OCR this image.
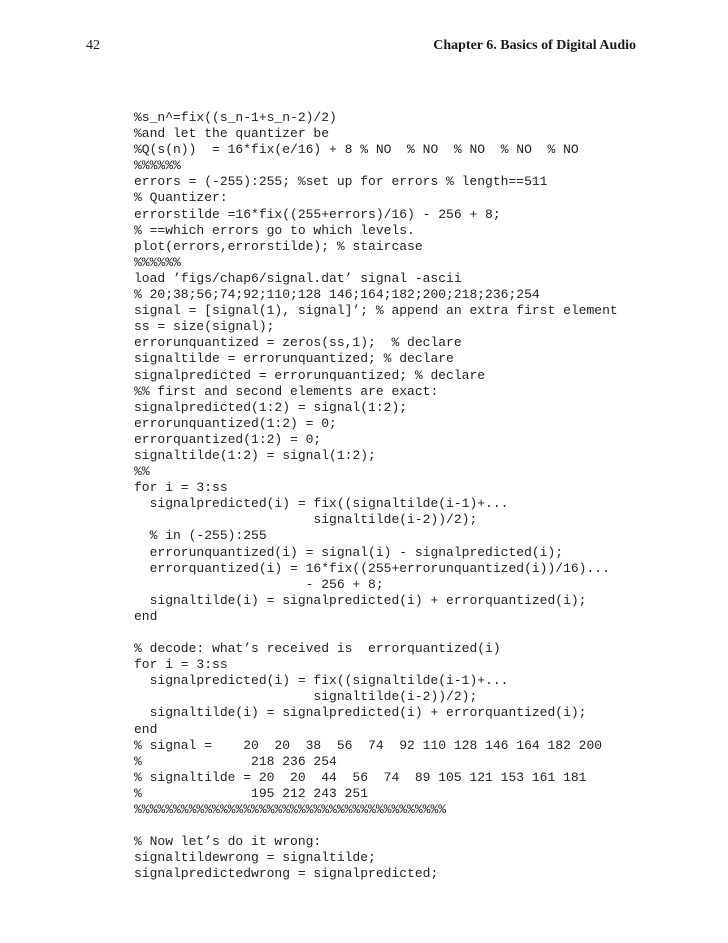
42	Chapter 6. Basics of Digital Audio
%s_n^=fix((s_n-1+s_n-2)/2)
%and let the quantizer be
%Q(s(n))  = 16*fix(e/16) + 8 % NO  % NO  % NO  % NO  % NO
%%%%%%
errors = (-255):255; %set up for errors % length==511
% Quantizer:
errorstilde =16*fix((255+errors)/16) - 256 + 8;
% ==which errors go to which levels.
plot(errors,errorstilde); % staircase
%%%%%%
load ’figs/chap6/signal.dat’ signal -ascii
% 20;38;56;74;92;110;128 146;164;182;200;218;236;254
signal = [signal(1), signal]’; % append an extra first element
ss = size(signal);
errorunquantized = zeros(ss,1);  % declare
signaltilde = errorunquantized; % declare
signalpredicted = errorunquantized; % declare
%% first and second elements are exact:
signalpredicted(1:2) = signal(1:2);
errorunquantized(1:2) = 0;
errorquantized(1:2) = 0;
signaltilde(1:2) = signal(1:2);
%%
for i = 3:ss
signalpredicted(i) = fix((signaltilde(i-1)+...
signaltilde(i-2))/2);
% in (-255):255
errorunquantized(i) = signal(i) - signalpredicted(i);
errorquantized(i) = 16*fix((255+errorunquantized(i))/16)...
- 256 + 8;
signaltilde(i) = signalpredicted(i) + errorquantized(i);
end

% decode: what’s received is  errorquantized(i)
for i = 3:ss
signalpredicted(i) = fix((signaltilde(i-1)+...
signaltilde(i-2))/2);
signaltilde(i) = signalpredicted(i) + errorquantized(i);
end
% signal =    20  20  38  56  74  92 110 128 146 164 182 200
%              218 236 254
% signaltilde = 20  20  44  56  74  89 105 121 153 161 181
%              195 212 243 251
%%%%%%%%%%%%%%%%%%%%%%%%%%%%%%%%%%%%%%%%

% Now let’s do it wrong:
signaltildewrong = signaltilde;
signalpredictedwrong = signalpredicted;
